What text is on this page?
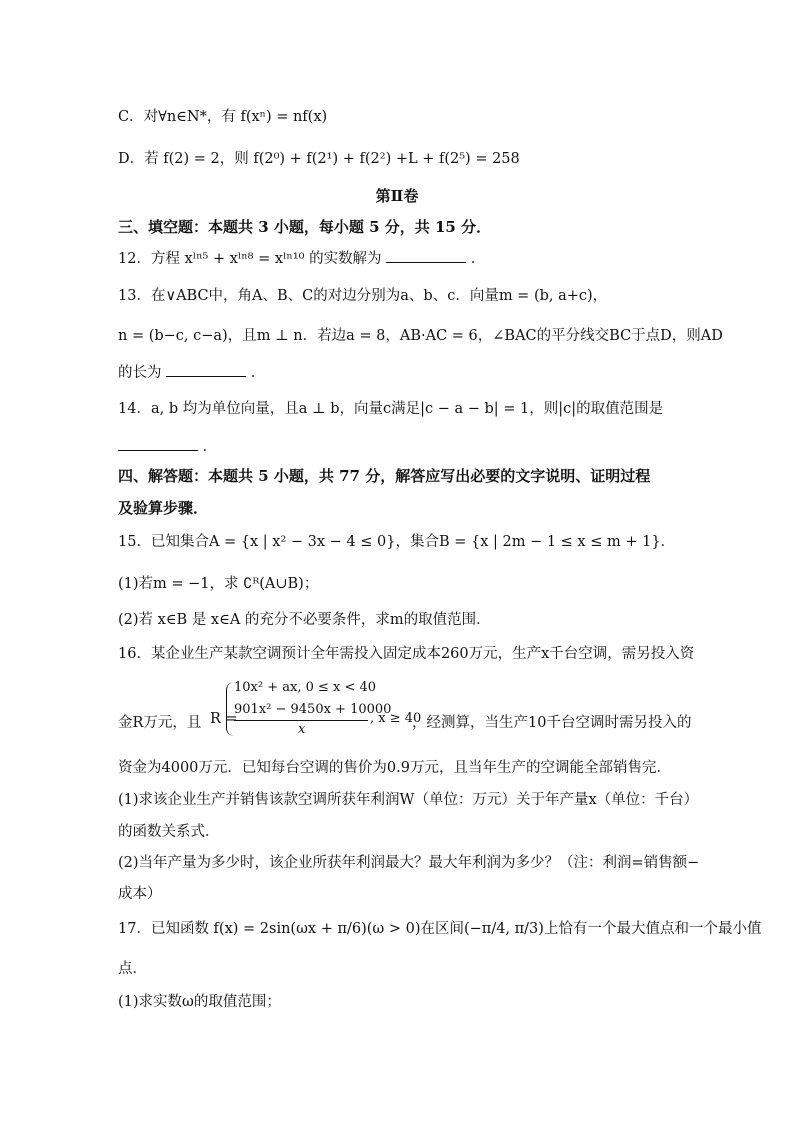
C．对∀n∈N*，有 f(xⁿ) = nf(x)
D．若 f(2) = 2，则 f(2⁰) + f(2¹) + f(2²) +L + f(2⁵) = 258
第Ⅱ卷
三、填空题：本题共 3 小题，每小题 5 分，共 15 分．
12．方程 xˡⁿ⁵ + xˡⁿ⁸ = xˡⁿ¹⁰ 的实数解为	．
13．在∨ABC中，角A、B、C的对边分别为a、b、c．向量m = (b, a+c)，
n = (b−c, c−a)，且m ⊥ n．若边a = 8，AB·AC = 6，∠BAC的平分线交BC于点D，则AD
的长为	．
14．a, b 均为单位向量，且a ⊥ b，向量c满足|c − a − b| = 1，则|c|的取值范围是
．
四、解答题：本题共 5 小题，共 77 分，解答应写出必要的文字说明、证明过程
及验算步骤．
15．已知集合A = {x | x² − 3x − 4 ≤ 0}，集合B = {x | 2m − 1 ≤ x ≤ m + 1}．
(1)若m = −1，求 ∁ᴿ(A∪B)；
(2)若 x∈B 是 x∈A 的充分不必要条件，求m的取值范围．
16．某企业生产某款空调预计全年需投入固定成本260万元，生产x千台空调，需另投入资
金R万元，且 R =
10x² + ax, 0 ≤ x < 40
901x² − 9450x + 10000
x
, x ≥ 40
，经测算，当生产10千台空调时需另投入的
资金为4000万元．已知每台空调的售价为0.9万元，且当年生产的空调能全部销售完．
(1)求该企业生产并销售该款空调所获年利润W（单位：万元）关于年产量x（单位：千台）
的函数关系式．
(2)当年产量为多少时，该企业所获年利润最大？最大年利润为多少？（注：利润=销售额−
成本）
17．已知函数 f(x) = 2sin(ωx + π/6)(ω > 0)在区间(−π/4, π/3)上恰有一个最大值点和一个最小值
点．
(1)求实数ω的取值范围；
